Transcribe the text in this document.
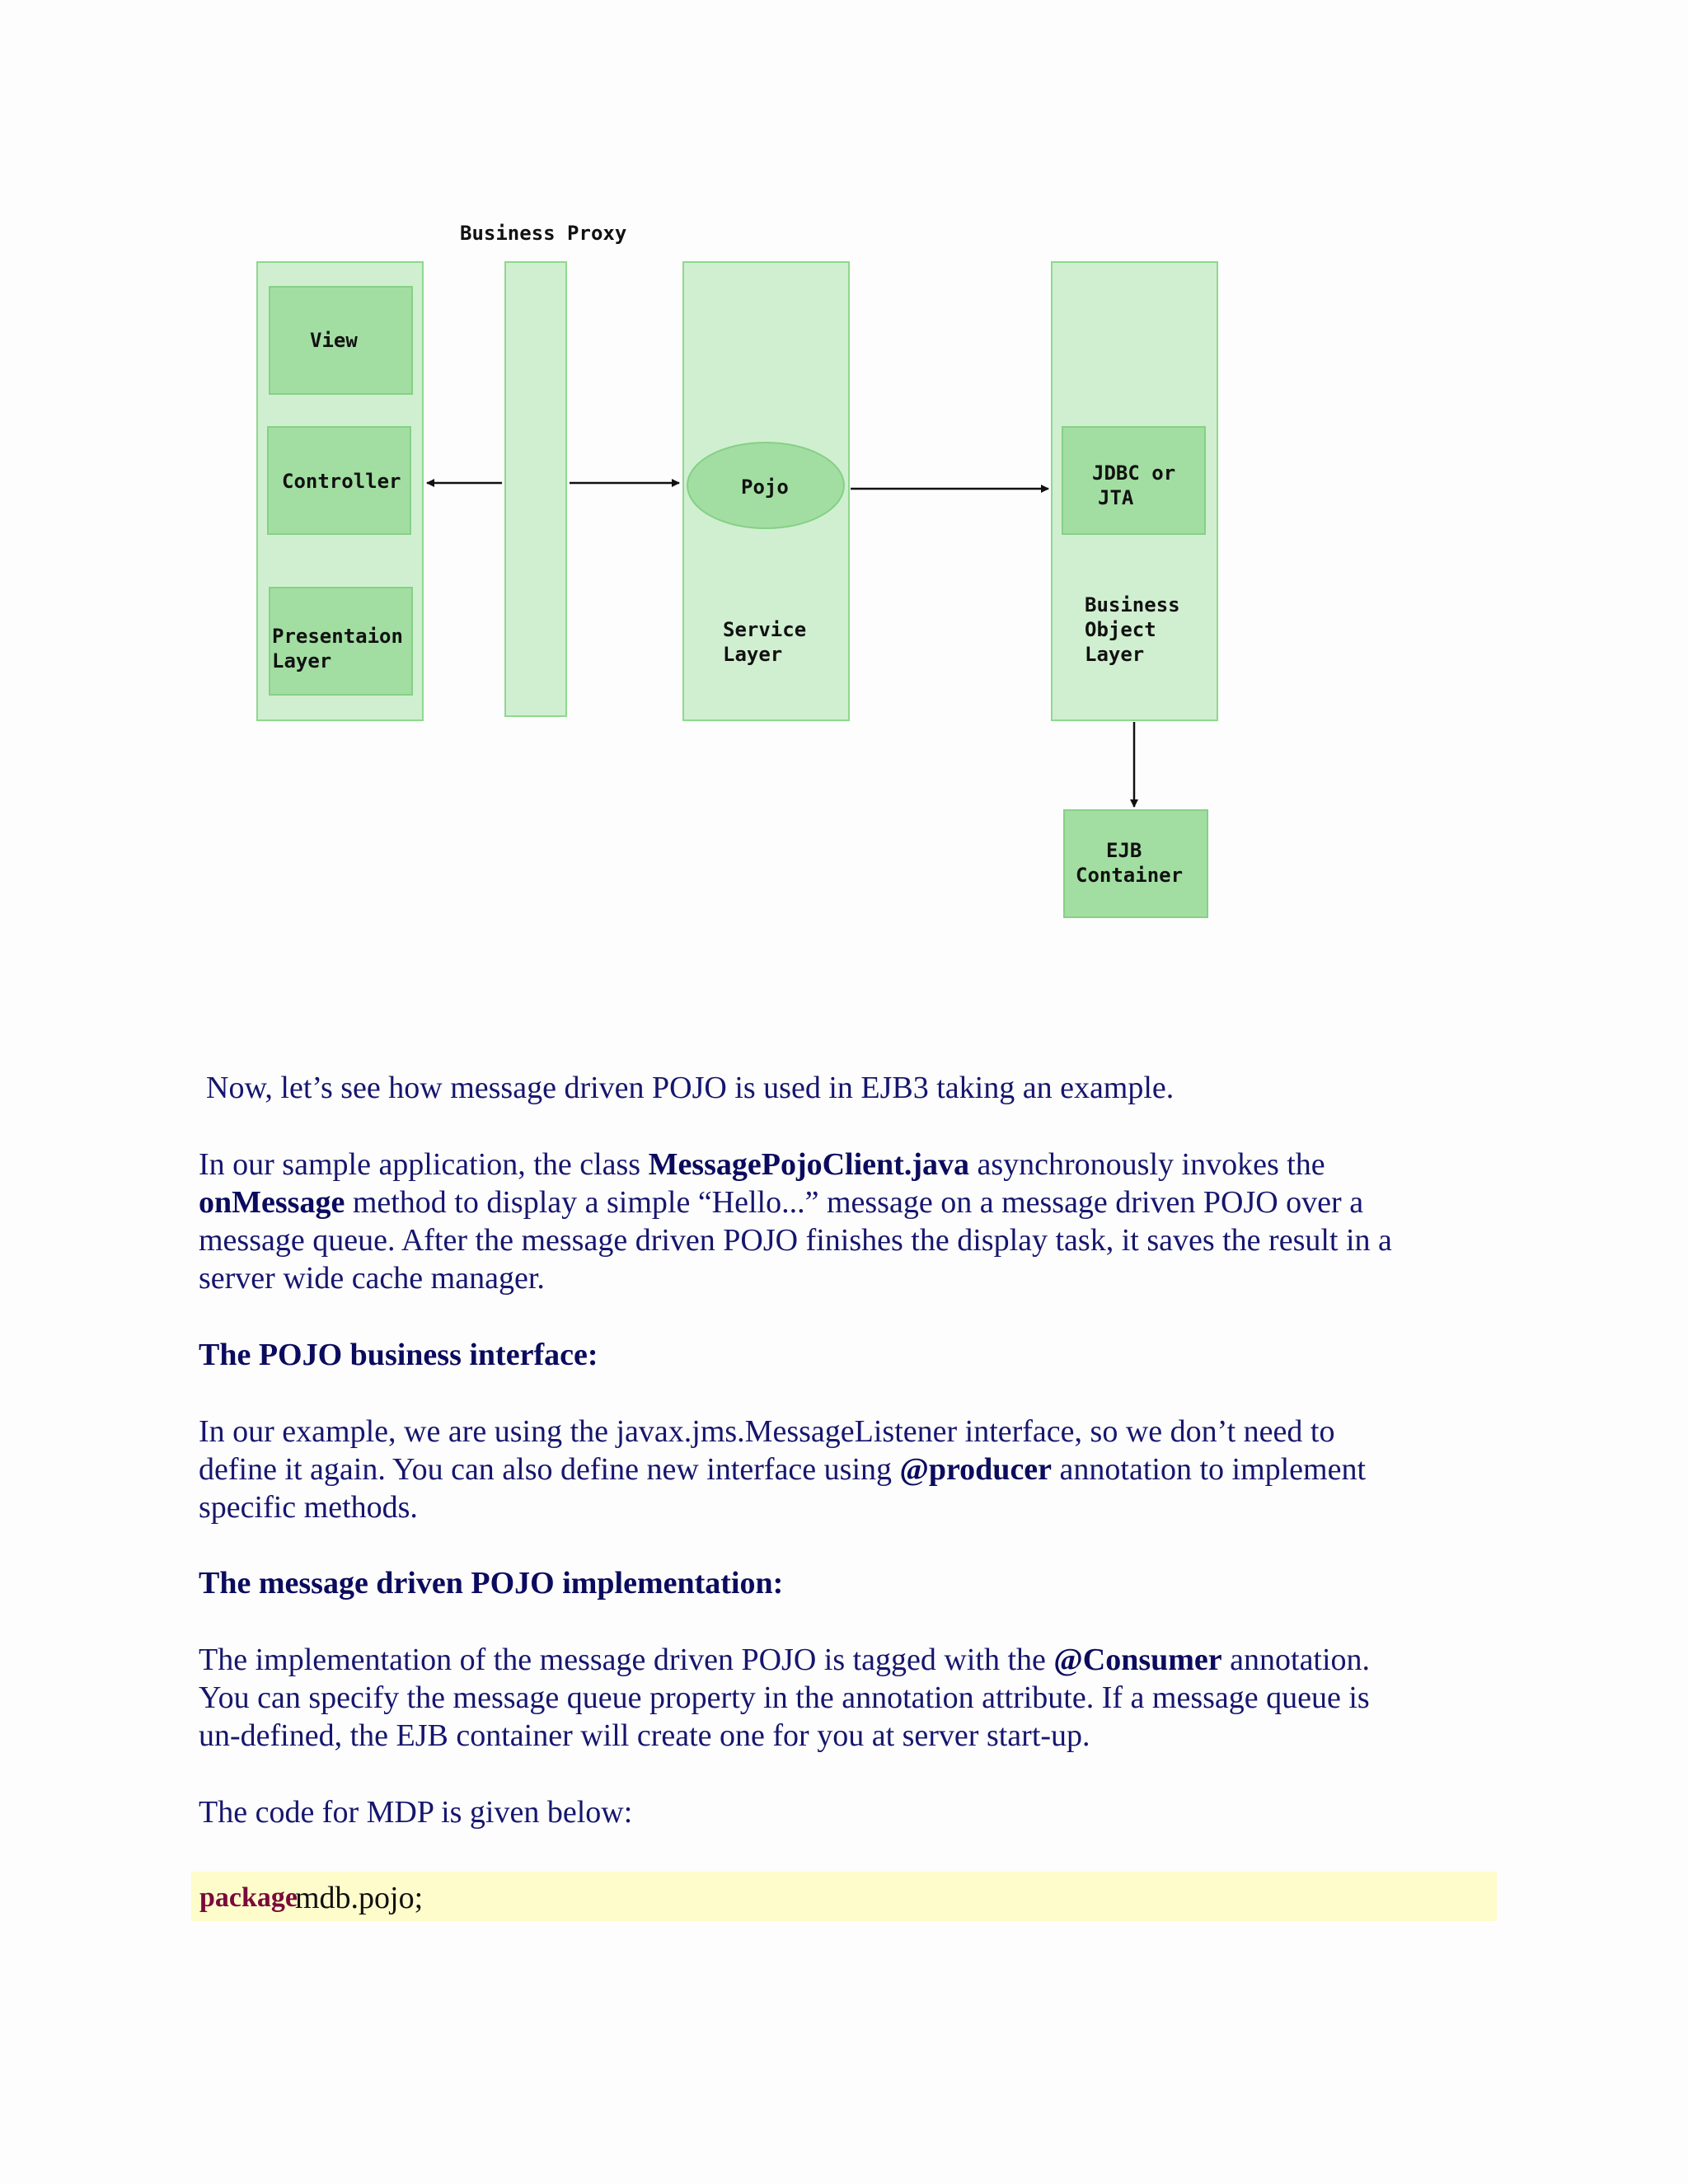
Business Proxy
View
Controller
Presentaion Layer
Pojo
Service Layer
JDBC or JTA
Business Object Layer
EJB Container

Now, let’s see how message driven POJO is used in EJB3 taking an example.

In our sample application, the class MessagePojoClient.java asynchronously invokes the
onMessage method to display a simple “Hello...” message on a message driven POJO over a
message queue. After the message driven POJO finishes the display task, it saves the result in a
server wide cache manager.

The POJO business interface:

In our example, we are using the javax.jms.MessageListener interface, so we don’t need to
define it again. You can also define new interface using @producer annotation to implement
specific methods.

The message driven POJO implementation:

The implementation of the message driven POJO is tagged with the @Consumer annotation.
You can specify the message queue property in the annotation attribute. If a message queue is
un-defined, the EJB container will create one for you at server start-up.

The code for MDP is given below:

package
mdb.pojo;
